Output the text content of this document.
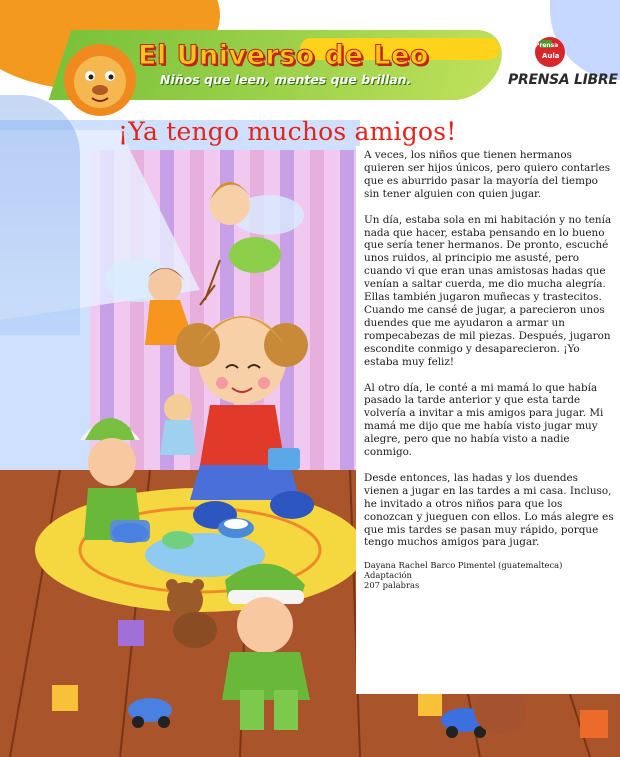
El Universo de Leo
Niños que leen, mentes que brillan.
Prensa
Aula
PRENSA LIBRE
¡Ya tengo muchos amigos!

A veces, los niños que tienen hermanos quieren ser hijos únicos, pero quiero contarles que es aburrido pasar la mayoría del tiempo sin tener alguien con quien jugar.

Un día, estaba sola en mi habitación y no tenía nada que hacer, estaba pensando en lo bueno que sería tener hermanos. De pronto, escuché unos ruidos, al principio me asusté, pero cuando vi que eran unas amistosas hadas que venían a saltar cuerda, me dio mucha alegría. Ellas también jugaron muñecas y trastecitos. Cuando me cansé de jugar, a parecieron unos duendes que me ayudaron a armar un rompecabezas de mil piezas. Después, jugaron escondite conmigo y desaparecieron. ¡Yo estaba muy feliz!

Al otro día, le conté a mi mamá lo que había pasado la tarde anterior y que esta tarde volvería a invitar a mis amigos para jugar. Mi mamá me dijo que me había visto jugar muy alegre, pero que no había visto a nadie conmigo.

Desde entonces, las hadas y los duendes vienen a jugar en las tardes a mi casa. Incluso, he invitado a otros niños para que los conozcan y jueguen con ellos. Lo más alegre es que mis tardes se pasan muy rápido, porque tengo muchos amigos para jugar.

Dayana Rachel Barco Pimentel (guatemalteca)
Adaptación
207 palabras
